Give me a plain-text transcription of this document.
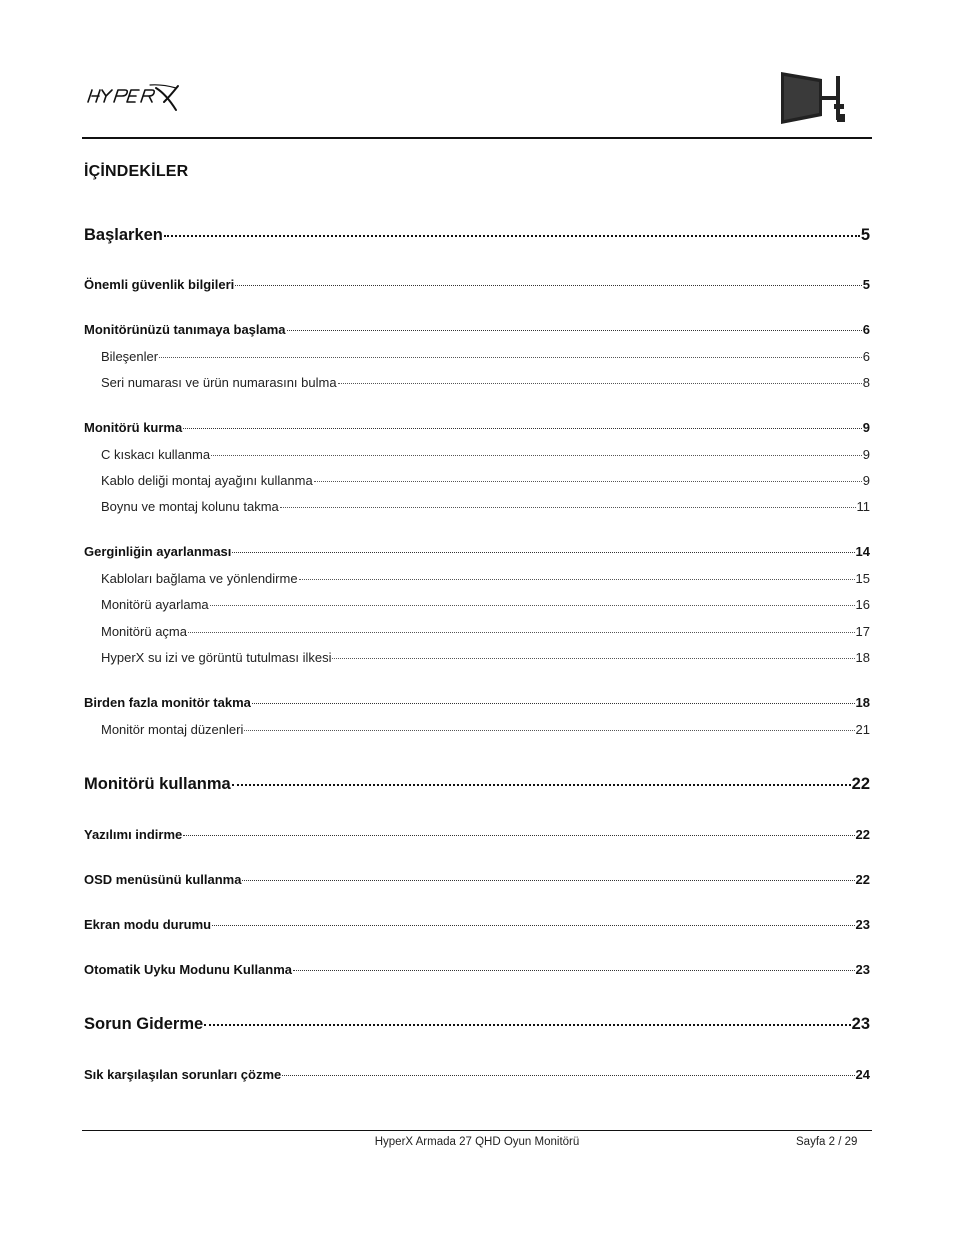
İÇİNDEKİLER
Başlarken	5
Önemli güvenlik bilgileri	5
Monitörünüzü tanımaya başlama	6
Bileşenler	6
Seri numarası ve ürün numarasını bulma	8
Monitörü kurma	9
C kıskacı kullanma	9
Kablo deliği montaj ayağını kullanma	9
Boynu ve montaj kolunu takma	11
Gerginliğin ayarlanması	14
Kabloları bağlama ve yönlendirme	15
Monitörü ayarlama	16
Monitörü açma	17
HyperX su izi ve görüntü tutulması ilkesi	18
Birden fazla monitör takma	18
Monitör montaj düzenleri	21
Monitörü kullanma	22
Yazılımı indirme	22
OSD menüsünü kullanma	22
Ekran modu durumu	23
Otomatik Uyku Modunu Kullanma	23
Sorun Giderme	23
Sık karşılaşılan sorunları çözme	24
HyperX Armada 27 QHD Oyun Monitörü	Sayfa 2 / 29
